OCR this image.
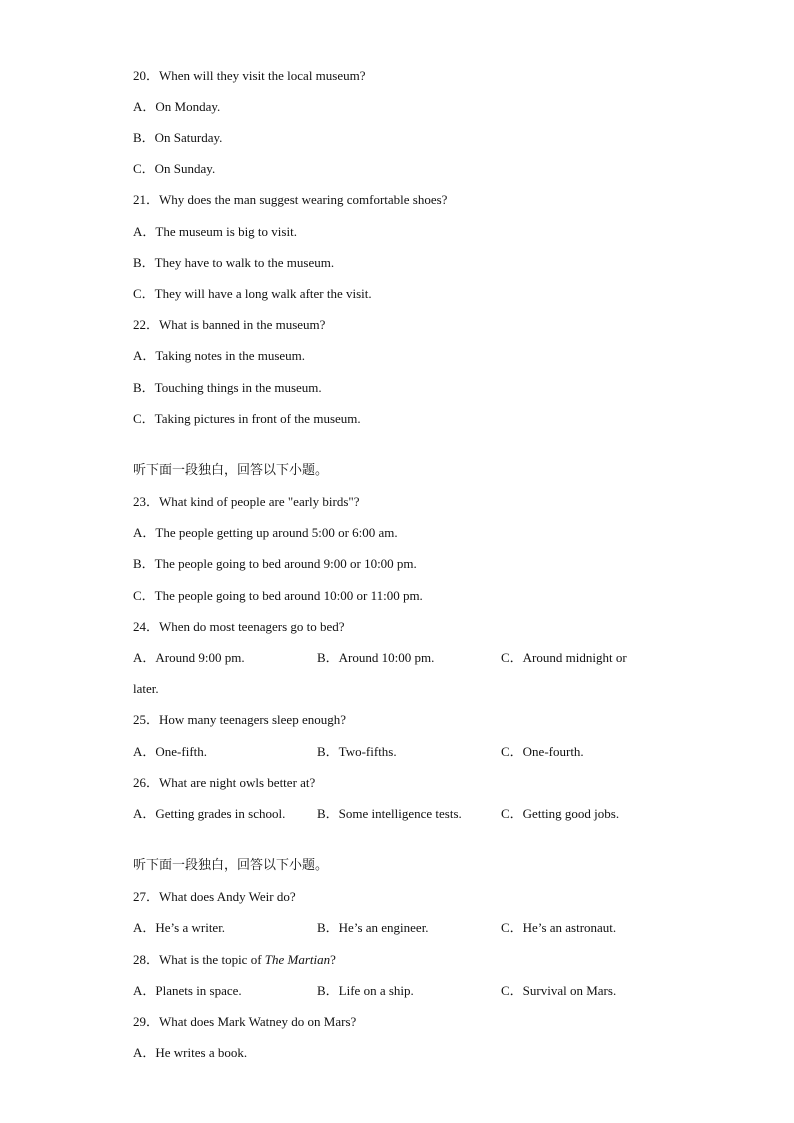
20．When will they visit the local museum?
A．On Monday.
B．On Saturday.
C．On Sunday.
21．Why does the man suggest wearing comfortable shoes?
A．The museum is big to visit.
B．They have to walk to the museum.
C．They will have a long walk after the visit.
22．What is banned in the museum?
A．Taking notes in the museum.
B．Touching things in the museum.
C．Taking pictures in front of the museum.
听下面一段独白，回答以下小题。
23．What kind of people are "early birds"?
A．The people getting up around 5:00 or 6:00 am.
B．The people going to bed around 9:00 or 10:00 pm.
C．The people going to bed around 10:00 or 11:00 pm.
24．When do most teenagers go to bed?
A．Around 9:00 pm.	B．Around 10:00 pm.	C．Around midnight or
later.
25．How many teenagers sleep enough?
A．One-fifth.	B．Two-fifths.	C．One-fourth.
26．What are night owls better at?
A．Getting grades in school. B．Some intelligence tests.	C．Getting good jobs.
听下面一段独白，回答以下小题。
27．What does Andy Weir do?
A．He’s a writer.	B．He’s an engineer.	C．He’s an astronaut.
28．What is the topic of The Martian?
A．Planets in space.	B．Life on a ship.	C．Survival on Mars.
29．What does Mark Watney do on Mars?
A．He writes a book.
